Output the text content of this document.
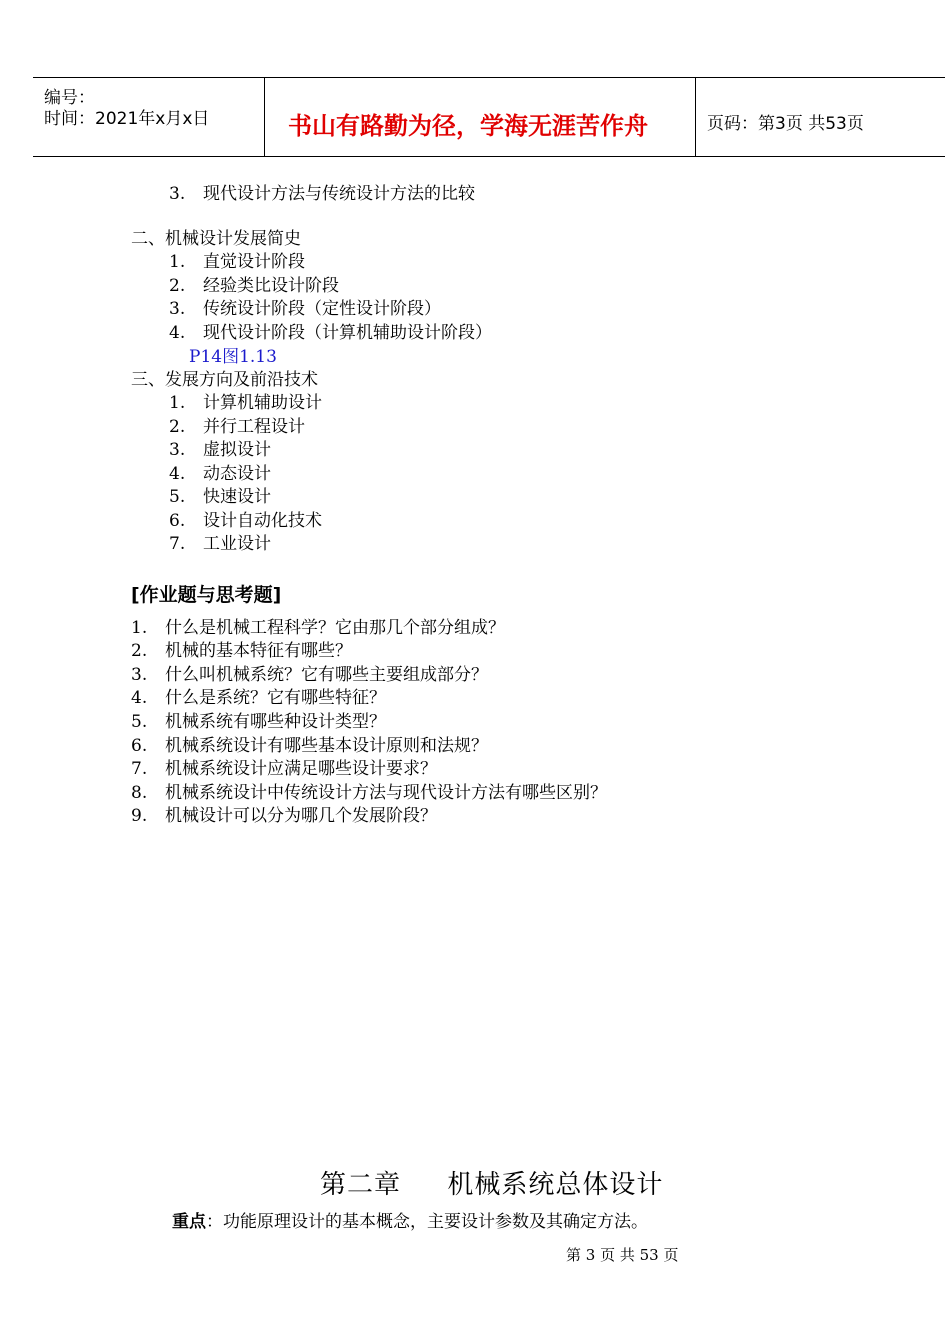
编号：
时间：2021年x月x日	书山有路勤为径，学海无涯苦作舟	页码：第3页 共53页
3. 现代设计方法与传统设计方法的比较
二、机械设计发展简史
1. 直觉设计阶段
2. 经验类比设计阶段
3. 传统设计阶段（定性设计阶段）
4. 现代设计阶段（计算机辅助设计阶段）
P14图1.13
三、发展方向及前沿技术
1. 计算机辅助设计
2. 并行工程设计
3. 虚拟设计
4. 动态设计
5. 快速设计
6. 设计自动化技术
7. 工业设计
[作业题与思考题]
1. 什么是机械工程科学？它由那几个部分组成？
2. 机械的基本特征有哪些？
3. 什么叫机械系统？它有哪些主要组成部分？
4. 什么是系统？它有哪些特征？
5. 机械系统有哪些种设计类型？
6. 机械系统设计有哪些基本设计原则和法规？
7. 机械系统设计应满足哪些设计要求？
8. 机械系统设计中传统设计方法与现代设计方法有哪些区别？
9. 机械设计可以分为哪几个发展阶段？
第二章     机械系统总体设计
重点：功能原理设计的基本概念，主要设计参数及其确定方法。
第 3 页 共 53 页
